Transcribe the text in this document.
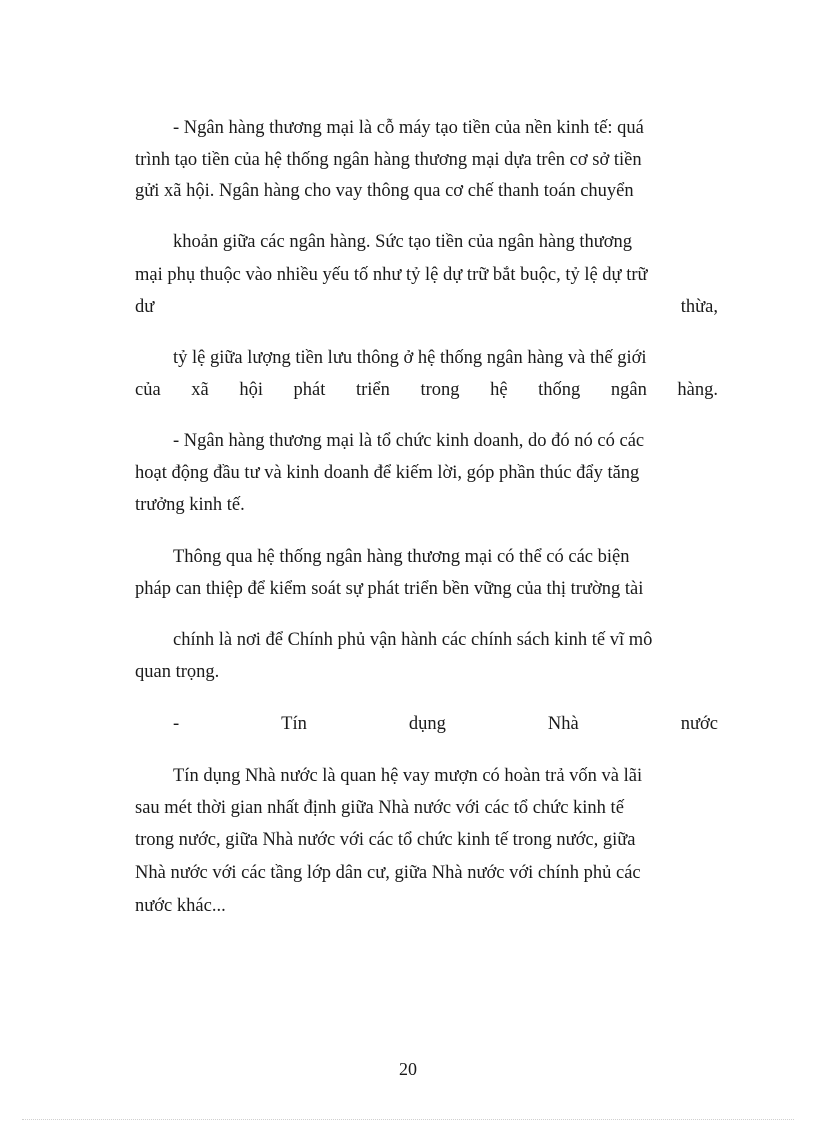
- Ngân hàng thương mại là cỗ máy tạo tiền của nền kinh tế: quá
trình tạo tiền của hệ thống ngân hàng thương mại dựa trên cơ sở tiền
gửi xã hội. Ngân hàng cho vay thông qua cơ chế thanh toán chuyển
khoản giữa các ngân hàng. Sức tạo tiền của ngân hàng thương
mại phụ thuộc vào nhiều yếu tố như tỷ lệ dự trữ bắt buộc, tỷ lệ dự trữ
dư	thừa,
tỷ lệ giữa lượng tiền lưu thông ở hệ thống ngân hàng và thế giới
của xã hội phát triển trong hệ thống ngân hàng.
- Ngân hàng thương mại là tổ chức kinh doanh, do đó nó có các
hoạt động đầu tư và kinh doanh để kiếm lời, góp phần thúc đẩy tăng
trưởng kinh tế.
Thông qua hệ thống ngân hàng thương mại có thể có các biện
pháp can thiệp để kiểm soát sự phát triển bền vững của thị trường tài
chính là nơi để Chính phủ vận hành các chính sách kinh tế vĩ mô
quan trọng.
-	Tín	dụng	Nhà	nước
Tín dụng Nhà nước là quan hệ vay mượn có hoàn trả vốn và lãi
sau mét thời gian nhất định giữa Nhà nước với các tổ chức kinh tế
trong nước, giữa Nhà nước với các tổ chức kinh tế trong nước, giữa
Nhà nước với các tầng lớp dân cư, giữa Nhà nước với chính phủ các
nước khác...
20
